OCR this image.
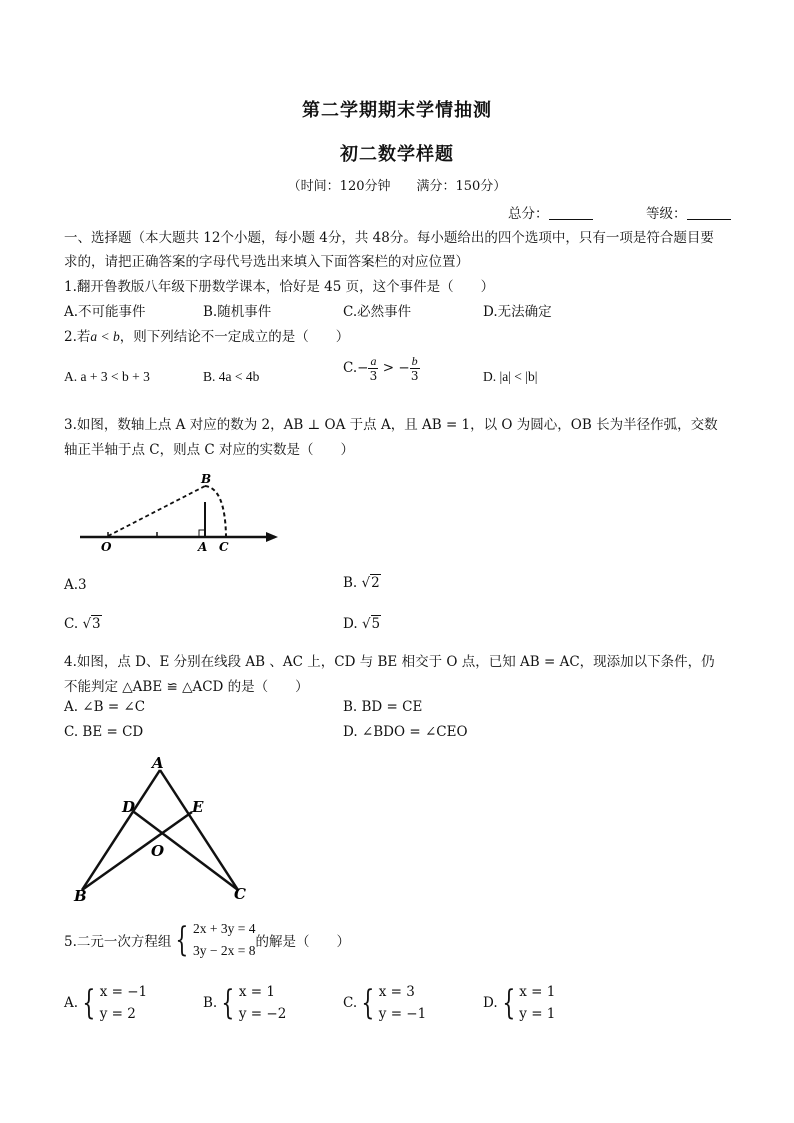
第二学期期末学情抽测
初二数学样题
（时间：120分钟　　满分：150分）
总分：	等级：
一、选择题（本大题共 12个小题，每小题 4分，共 48分。每小题给出的四个选项中，只有一项是符合题目要
求的，请把正确答案的字母代号选出来填入下面答案栏的对应位置）
1.翻开鲁教版八年级下册数学课本，恰好是 45 页，这个事件是（　　）
A.不可能事件	B.随机事件	C.必然事件	D.无法确定
2.若a < b，则下列结论不一定成立的是（　　）
A. a + 3 < b + 3	B. 4a < 4b
$C.- \frac{a}{3}$ > − $\frac{b}{3}$	D. |a| < |b|
3.如图，数轴上点 A 对应的数为 2，AB ⊥ OA 于点 A，且 AB = 1，以 O 为圆心，OB 长为半径作弧，交数
轴正半轴于点 C，则点 C 对应的实数是（　　）
B
O	A C
A.3	B. √2
C. √3	D. √5
4.如图，点 D、E 分别在线段 AB 、AC 上，CD 与 BE 相交于 O 点，已知 AB = AC，现添加以下条件，仍
不能判定 △ABE ≌ △ACD 的是（　　）
A. ∠B = ∠C	B. BD = CE
C. BE = CD	D. ∠BDO = ∠CEO
A
D	E
O
B	C
5.二元一次方程组 { 2x + 3y = 4
3y − 2x = 8
的解是（　　）
A. { x = −1
y = 2
B. { x = 1
y = −2
C. { x = 3
y = −1
D. { x = 1
y = 1
